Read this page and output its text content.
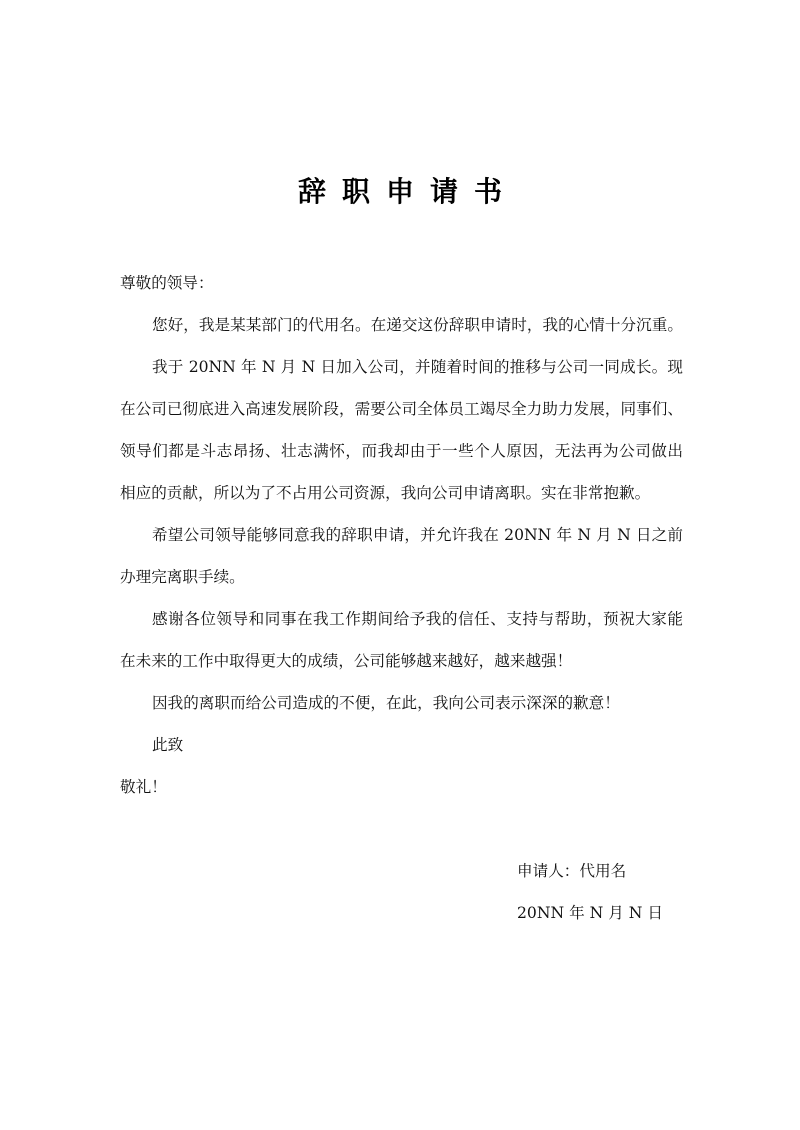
辞职申请书
尊敬的领导：
您好，我是某某部门的代用名。在递交这份辞职申请时，我的心情十分沉重。
我于 20NN 年 N 月 N 日加入公司，并随着时间的推移与公司一同成长。现
在公司已彻底进入高速发展阶段，需要公司全体员工竭尽全力助力发展，同事们、
领导们都是斗志昂扬、壮志满怀，而我却由于一些个人原因，无法再为公司做出
相应的贡献，所以为了不占用公司资源，我向公司申请离职。实在非常抱歉。
希望公司领导能够同意我的辞职申请，并允许我在 20NN 年 N 月 N 日之前
办理完离职手续。
感谢各位领导和同事在我工作期间给予我的信任、支持与帮助，预祝大家能
在未来的工作中取得更大的成绩，公司能够越来越好，越来越强！
因我的离职而给公司造成的不便，在此，我向公司表示深深的歉意！
此致
敬礼！
申请人：代用名
20NN 年 N 月 N 日
